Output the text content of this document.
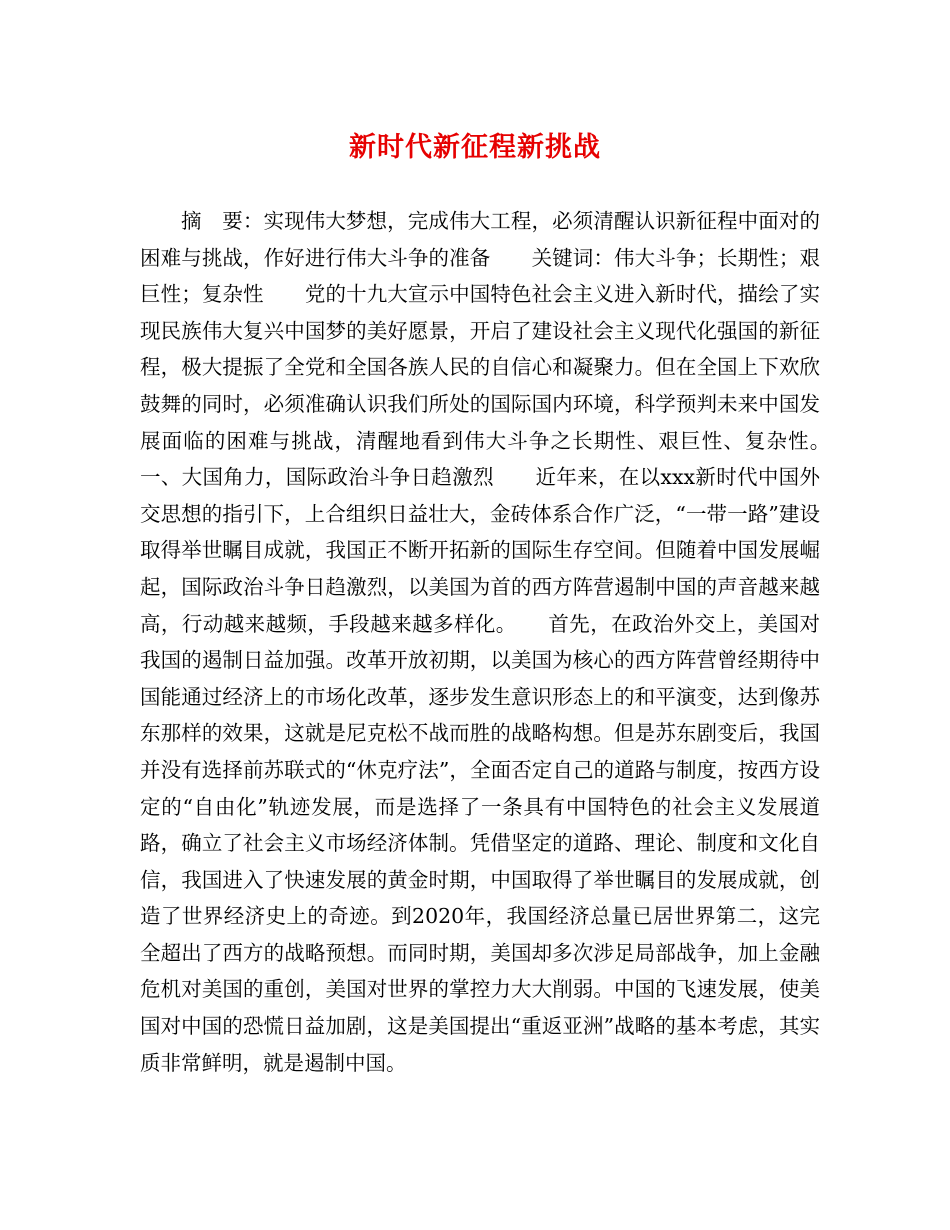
新时代新征程新挑战

摘　要：实现伟大梦想，完成伟大工程，必须清醒认识新征程中面对的困难与挑战，作好进行伟大斗争的准备　　关键词：伟大斗争；长期性；艰巨性；复杂性　　党的十九大宣示中国特色社会主义进入新时代，描绘了实现民族伟大复兴中国梦的美好愿景，开启了建设社会主义现代化强国的新征程，极大提振了全党和全国各族人民的自信心和凝聚力。但在全国上下欢欣鼓舞的同时，必须准确认识我们所处的国际国内环境，科学预判未来中国发展面临的困难与挑战，清醒地看到伟大斗争之长期性、艰巨性、复杂性。　　一、大国角力，国际政治斗争日趋激烈　　近年来，在以xxx新时代中国外交思想的指引下，上合组织日益壮大，金砖体系合作广泛，“一带一路”建设取得举世瞩目成就，我国正不断开拓新的国际生存空间。但随着中国发展崛起，国际政治斗争日趋激烈，以美国为首的西方阵营遏制中国的声音越来越高，行动越来越频，手段越来越多样化。　　首先，在政治外交上，美国对我国的遏制日益加强。改革开放初期，以美国为核心的西方阵营曾经期待中国能通过经济上的市场化改革，逐步发生意识形态上的和平演变，达到像苏东那样的效果，这就是尼克松不战而胜的战略构想。但是苏东剧变后，我国并没有选择前苏联式的“休克疗法”，全面否定自己的道路与制度，按西方设定的“自由化”轨迹发展，而是选择了一条具有中国特色的社会主义发展道路，确立了社会主义市场经济体制。凭借坚定的道路、理论、制度和文化自信，我国进入了快速发展的黄金时期，中国取得了举世瞩目的发展成就，创造了世界经济史上的奇迹。到2020年，我国经济总量已居世界第二，这完全超出了西方的战略预想。而同时期，美国却多次涉足局部战争，加上金融危机对美国的重创，美国对世界的掌控力大大削弱。中国的飞速发展，使美国对中国的恐慌日益加剧，这是美国提出“重返亚洲”战略的基本考虑，其实质非常鲜明，就是遏制中国。
